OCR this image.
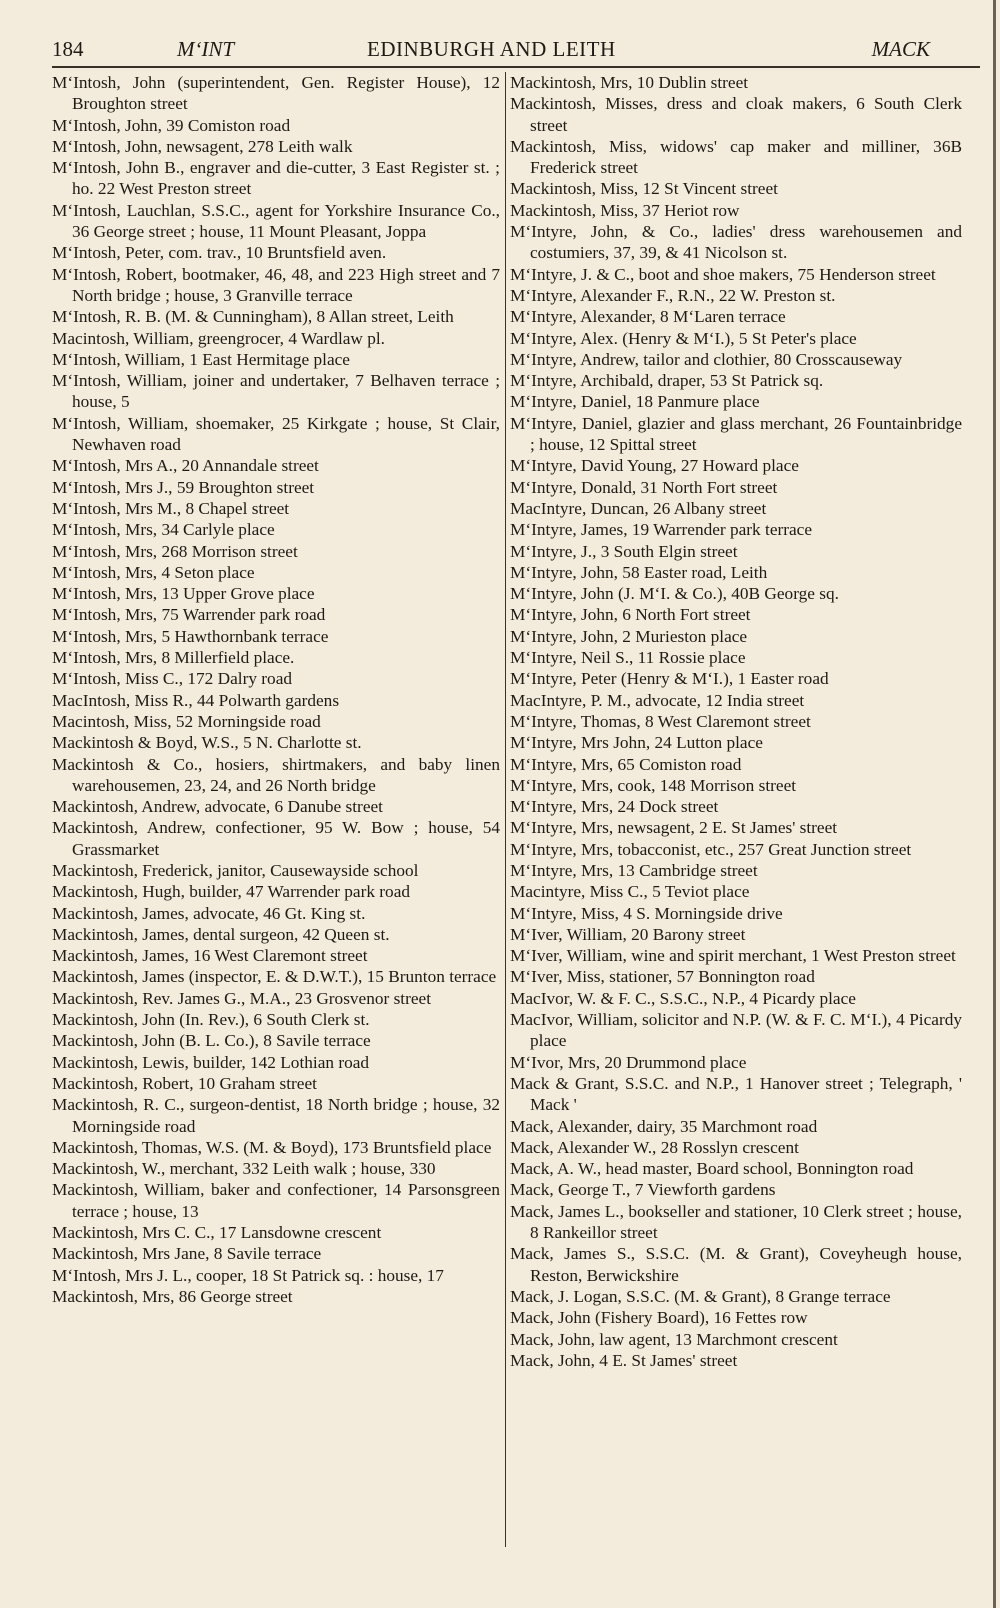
184	M‘INT	EDINBURGH AND LEITH	MACK
M‘Intosh, John (superintendent, Gen. Register House), 12 Broughton street
M‘Intosh, John, 39 Comiston road
M‘Intosh, John, newsagent, 278 Leith walk
M‘Intosh, John B., engraver and die-cutter, 3 East Register st. ; ho. 22 West Preston street
M‘Intosh, Lauchlan, S.S.C., agent for Yorkshire Insurance Co., 36 George street ; house, 11 Mount Pleasant, Joppa
M‘Intosh, Peter, com. trav., 10 Bruntsfield aven.
M‘Intosh, Robert, bootmaker, 46, 48, and 223 High street and 7 North bridge ; house, 3 Granville terrace
M‘Intosh, R. B. (M. & Cunningham), 8 Allan street, Leith
Macintosh, William, greengrocer, 4 Wardlaw pl.
M‘Intosh, William, 1 East Hermitage place
M‘Intosh, William, joiner and undertaker, 7 Belhaven terrace ; house, 5
M‘Intosh, William, shoemaker, 25 Kirkgate ; house, St Clair, Newhaven road
M‘Intosh, Mrs A., 20 Annandale street
M‘Intosh, Mrs J., 59 Broughton street
M‘Intosh, Mrs M., 8 Chapel street
M‘Intosh, Mrs, 34 Carlyle place
M‘Intosh, Mrs, 268 Morrison street
M‘Intosh, Mrs, 4 Seton place
M‘Intosh, Mrs, 13 Upper Grove place
M‘Intosh, Mrs, 75 Warrender park road
M‘Intosh, Mrs, 5 Hawthornbank terrace
M‘Intosh, Mrs, 8 Millerfield place.
M‘Intosh, Miss C., 172 Dalry road
MacIntosh, Miss R., 44 Polwarth gardens
Macintosh, Miss, 52 Morningside road
Mackintosh & Boyd, W.S., 5 N. Charlotte st.
Mackintosh & Co., hosiers, shirtmakers, and baby linen warehousemen, 23, 24, and 26 North bridge
Mackintosh, Andrew, advocate, 6 Danube street
Mackintosh, Andrew, confectioner, 95 W. Bow ; house, 54 Grassmarket
Mackintosh, Frederick, janitor, Causewayside school
Mackintosh, Hugh, builder, 47 Warrender park road
Mackintosh, James, advocate, 46 Gt. King st.
Mackintosh, James, dental surgeon, 42 Queen st.
Mackintosh, James, 16 West Claremont street
Mackintosh, James (inspector, E. & D.W.T.), 15 Brunton terrace
Mackintosh, Rev. James G., M.A., 23 Grosvenor street
Mackintosh, John (In. Rev.), 6 South Clerk st.
Mackintosh, John (B. L. Co.), 8 Savile terrace
Mackintosh, Lewis, builder, 142 Lothian road
Mackintosh, Robert, 10 Graham street
Mackintosh, R. C., surgeon-dentist, 18 North bridge ; house, 32 Morningside road
Mackintosh, Thomas, W.S. (M. & Boyd), 173 Bruntsfield place
Mackintosh, W., merchant, 332 Leith walk ; house, 330
Mackintosh, William, baker and confectioner, 14 Parsonsgreen terrace ; house, 13
Mackintosh, Mrs C. C., 17 Lansdowne crescent
Mackintosh, Mrs Jane, 8 Savile terrace
M‘Intosh, Mrs J. L., cooper, 18 St Patrick sq. : house, 17
Mackintosh, Mrs, 86 George street
Mackintosh, Mrs, 10 Dublin street
Mackintosh, Misses, dress and cloak makers, 6 South Clerk street
Mackintosh, Miss, widows' cap maker and milliner, 36B Frederick street
Mackintosh, Miss, 12 St Vincent street
Mackintosh, Miss, 37 Heriot row
M‘Intyre, John, & Co., ladies' dress warehousemen and costumiers, 37, 39, & 41 Nicolson st.
M‘Intyre, J. & C., boot and shoe makers, 75 Henderson street
M‘Intyre, Alexander F., R.N., 22 W. Preston st.
M‘Intyre, Alexander, 8 M‘Laren terrace
M‘Intyre, Alex. (Henry & M‘I.), 5 St Peter's place
M‘Intyre, Andrew, tailor and clothier, 80 Crosscauseway
M‘Intyre, Archibald, draper, 53 St Patrick sq.
M‘Intyre, Daniel, 18 Panmure place
M‘Intyre, Daniel, glazier and glass merchant, 26 Fountainbridge ; house, 12 Spittal street
M‘Intyre, David Young, 27 Howard place
M‘Intyre, Donald, 31 North Fort street
MacIntyre, Duncan, 26 Albany street
M‘Intyre, James, 19 Warrender park terrace
M‘Intyre, J., 3 South Elgin street
M‘Intyre, John, 58 Easter road, Leith
M‘Intyre, John (J. M‘I. & Co.), 40B George sq.
M‘Intyre, John, 6 North Fort street
M‘Intyre, John, 2 Murieston place
M‘Intyre, Neil S., 11 Rossie place
M‘Intyre, Peter (Henry & M‘I.), 1 Easter road
MacIntyre, P. M., advocate, 12 India street
M‘Intyre, Thomas, 8 West Claremont street
M‘Intyre, Mrs John, 24 Lutton place
M‘Intyre, Mrs, 65 Comiston road
M‘Intyre, Mrs, cook, 148 Morrison street
M‘Intyre, Mrs, 24 Dock street
M‘Intyre, Mrs, newsagent, 2 E. St James' street
M‘Intyre, Mrs, tobacconist, etc., 257 Great Junction street
M‘Intyre, Mrs, 13 Cambridge street
Macintyre, Miss C., 5 Teviot place
M‘Intyre, Miss, 4 S. Morningside drive
M‘Iver, William, 20 Barony street
M‘Iver, William, wine and spirit merchant, 1 West Preston street
M‘Iver, Miss, stationer, 57 Bonnington road
MacIvor, W. & F. C., S.S.C., N.P., 4 Picardy place
MacIvor, William, solicitor and N.P. (W. & F. C. M‘I.), 4 Picardy place
M‘Ivor, Mrs, 20 Drummond place
Mack & Grant, S.S.C. and N.P., 1 Hanover street ; Telegraph, ' Mack '
Mack, Alexander, dairy, 35 Marchmont road
Mack, Alexander W., 28 Rosslyn crescent
Mack, A. W., head master, Board school, Bonnington road
Mack, George T., 7 Viewforth gardens
Mack, James L., bookseller and stationer, 10 Clerk street ; house, 8 Rankeillor street
Mack, James S., S.S.C. (M. & Grant), Coveyheugh house, Reston, Berwickshire
Mack, J. Logan, S.S.C. (M. & Grant), 8 Grange terrace
Mack, John (Fishery Board), 16 Fettes row
Mack, John, law agent, 13 Marchmont crescent
Mack, John, 4 E. St James' street
